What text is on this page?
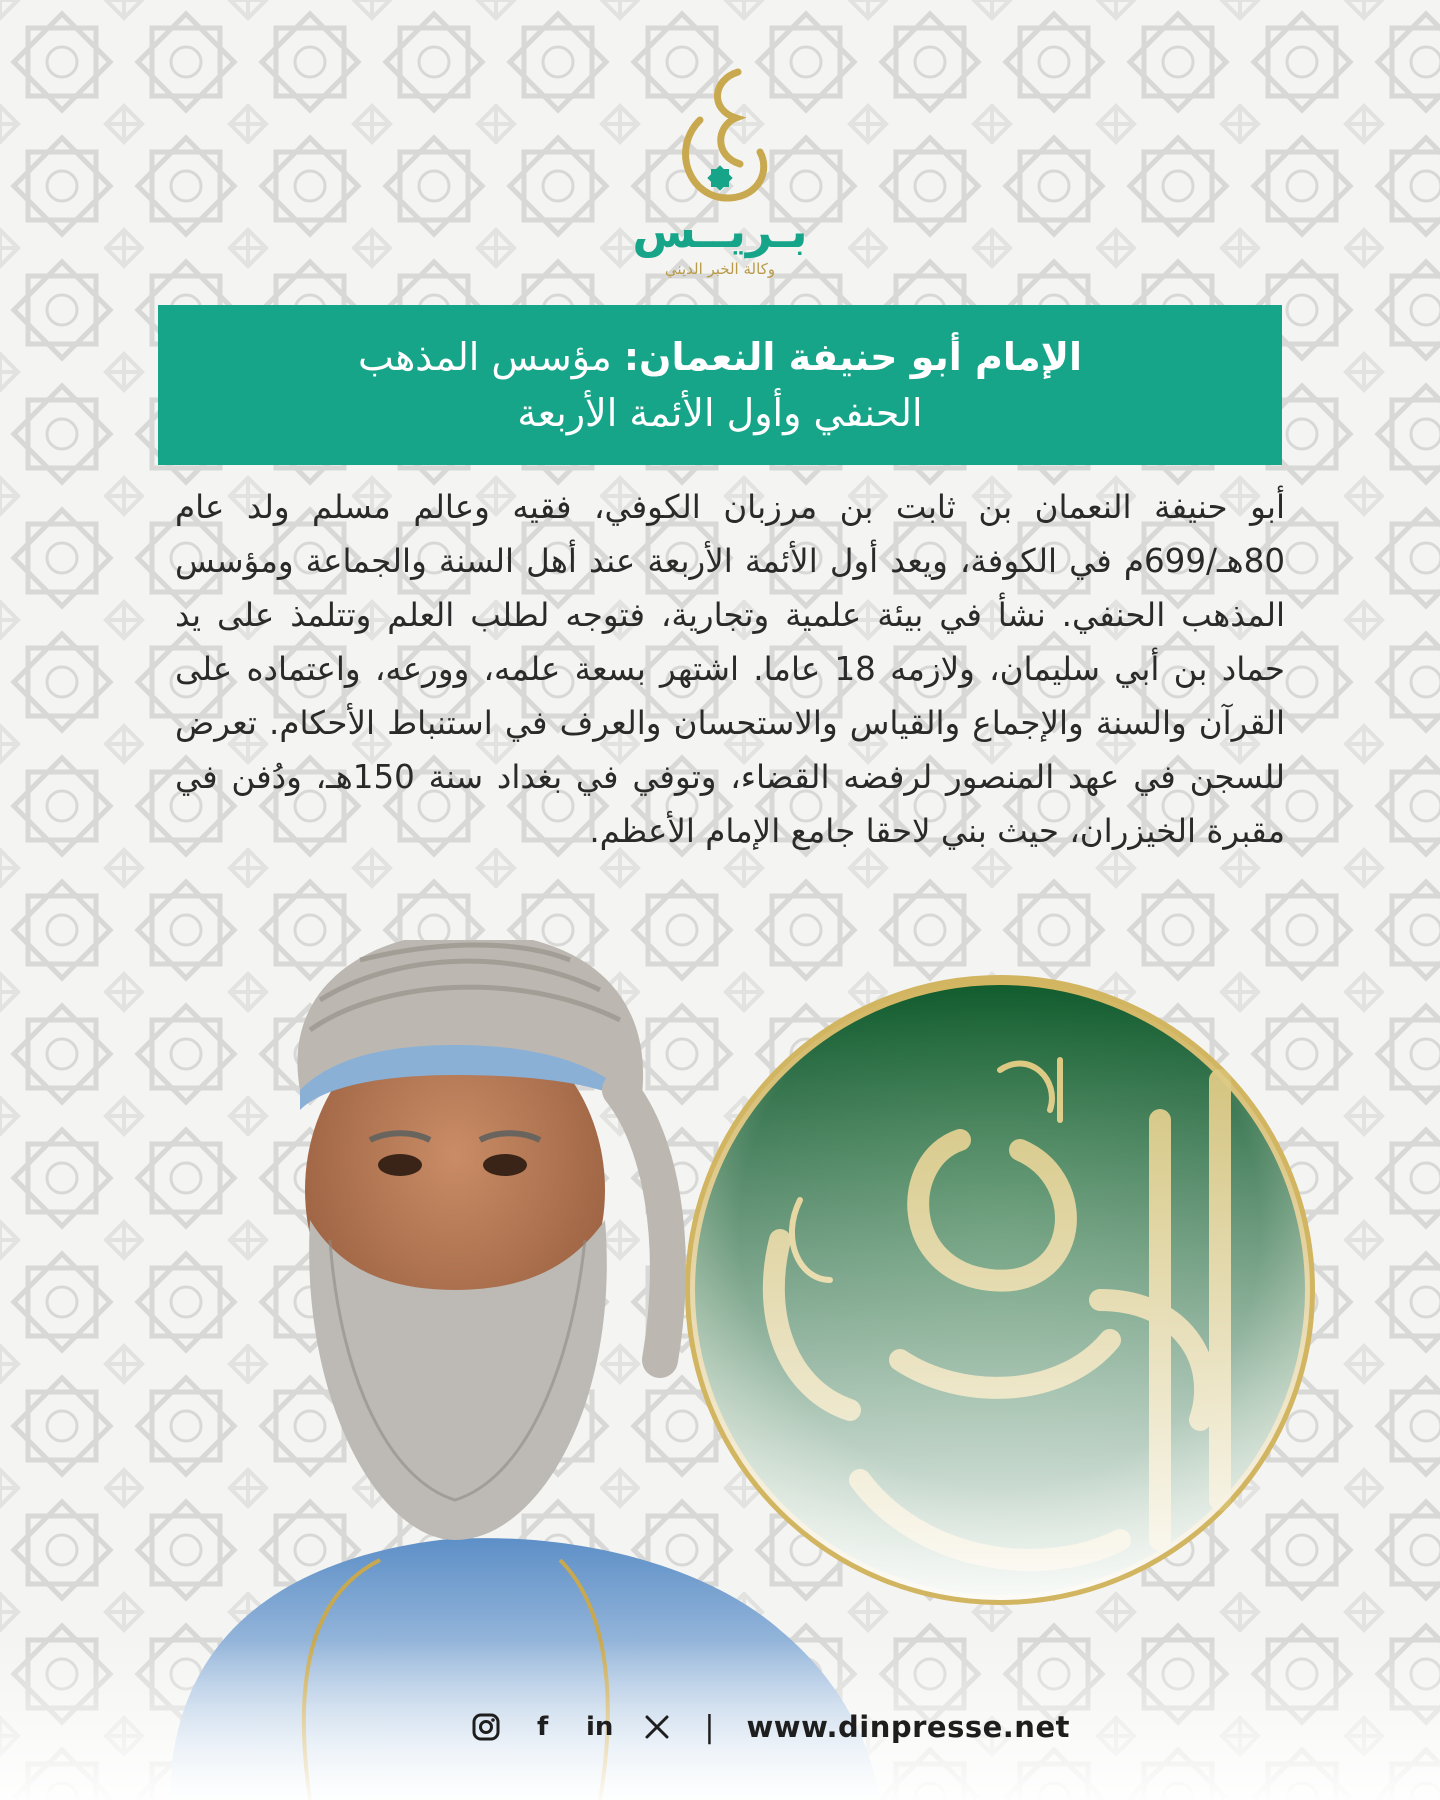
بـريــس
وكالة الخبر الديني
الإمام أبو حنيفة النعمان: مؤسس المذهب
الحنفي وأول الأئمة الأربعة
أبو حنيفة النعمان بن ثابت بن مرزبان الكوفي، فقيه وعالم مسلم ولد عام 80هـ/699م في الكوفة، ويعد أول الأئمة الأربعة عند أهل السنة والجماعة ومؤسس المذهب الحنفي. نشأ في بيئة علمية وتجارية، فتوجه لطلب العلم وتتلمذ على يد حماد بن أبي سليمان، ولازمه 18 عاما. اشتهر بسعة علمه، وورعه، واعتماده على القرآن والسنة والإجماع والقياس والاستحسان والعرف في استنباط الأحكام. تعرض للسجن في عهد المنصور لرفضه القضاء، وتوفي في بغداد سنة 150هـ، ودُفن في مقبرة الخيزران، حيث بني لاحقا جامع الإمام الأعظم.
f	in	| www.dinpresse.net
